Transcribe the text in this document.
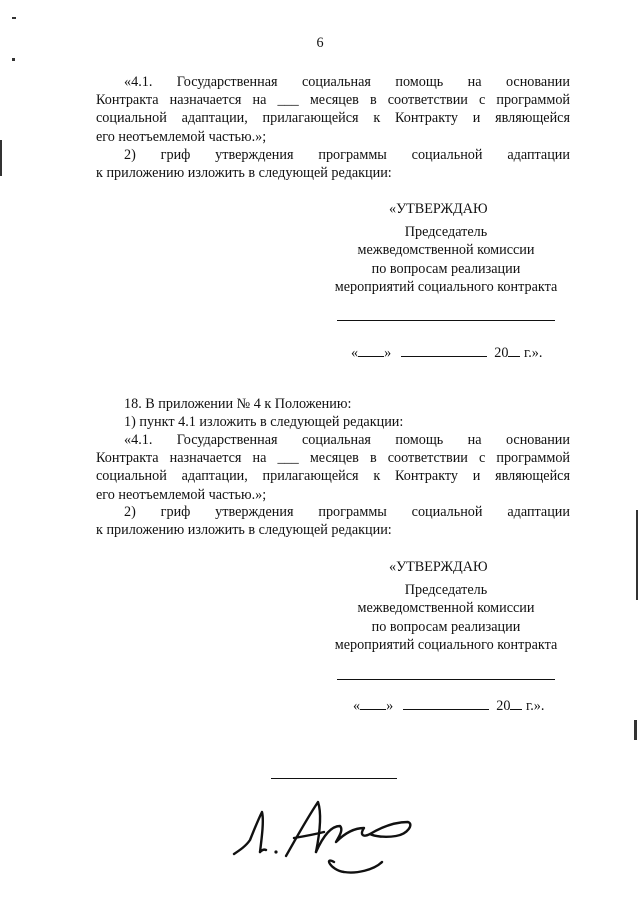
6
«4.1. Государственная социальная помощь на основании
Контракта назначается на ___ месяцев в соответствии с программой
социальной адаптации, прилагающейся к Контракту и являющейся
его неотъемлемой частью.»;
2) гриф утверждения программы социальной адаптации
к приложению изложить в следующей редакции:
«УТВЕРЖДАЮ
Председатель
межведомственной комиссии
по вопросам реализации
мероприятий социального контракта
« »	20 г.».
18. В приложении № 4 к Положению:
1) пункт 4.1 изложить в следующей редакции:
«4.1. Государственная социальная помощь на основании
Контракта назначается на ___ месяцев в соответствии с программой
социальной адаптации, прилагающейся к Контракту и являющейся
его неотъемлемой частью.»;
2) гриф утверждения программы социальной адаптации
к приложению изложить в следующей редакции:
«УТВЕРЖДАЮ
Председатель
межведомственной комиссии
по вопросам реализации
мероприятий социального контракта
« »	20 г.».
